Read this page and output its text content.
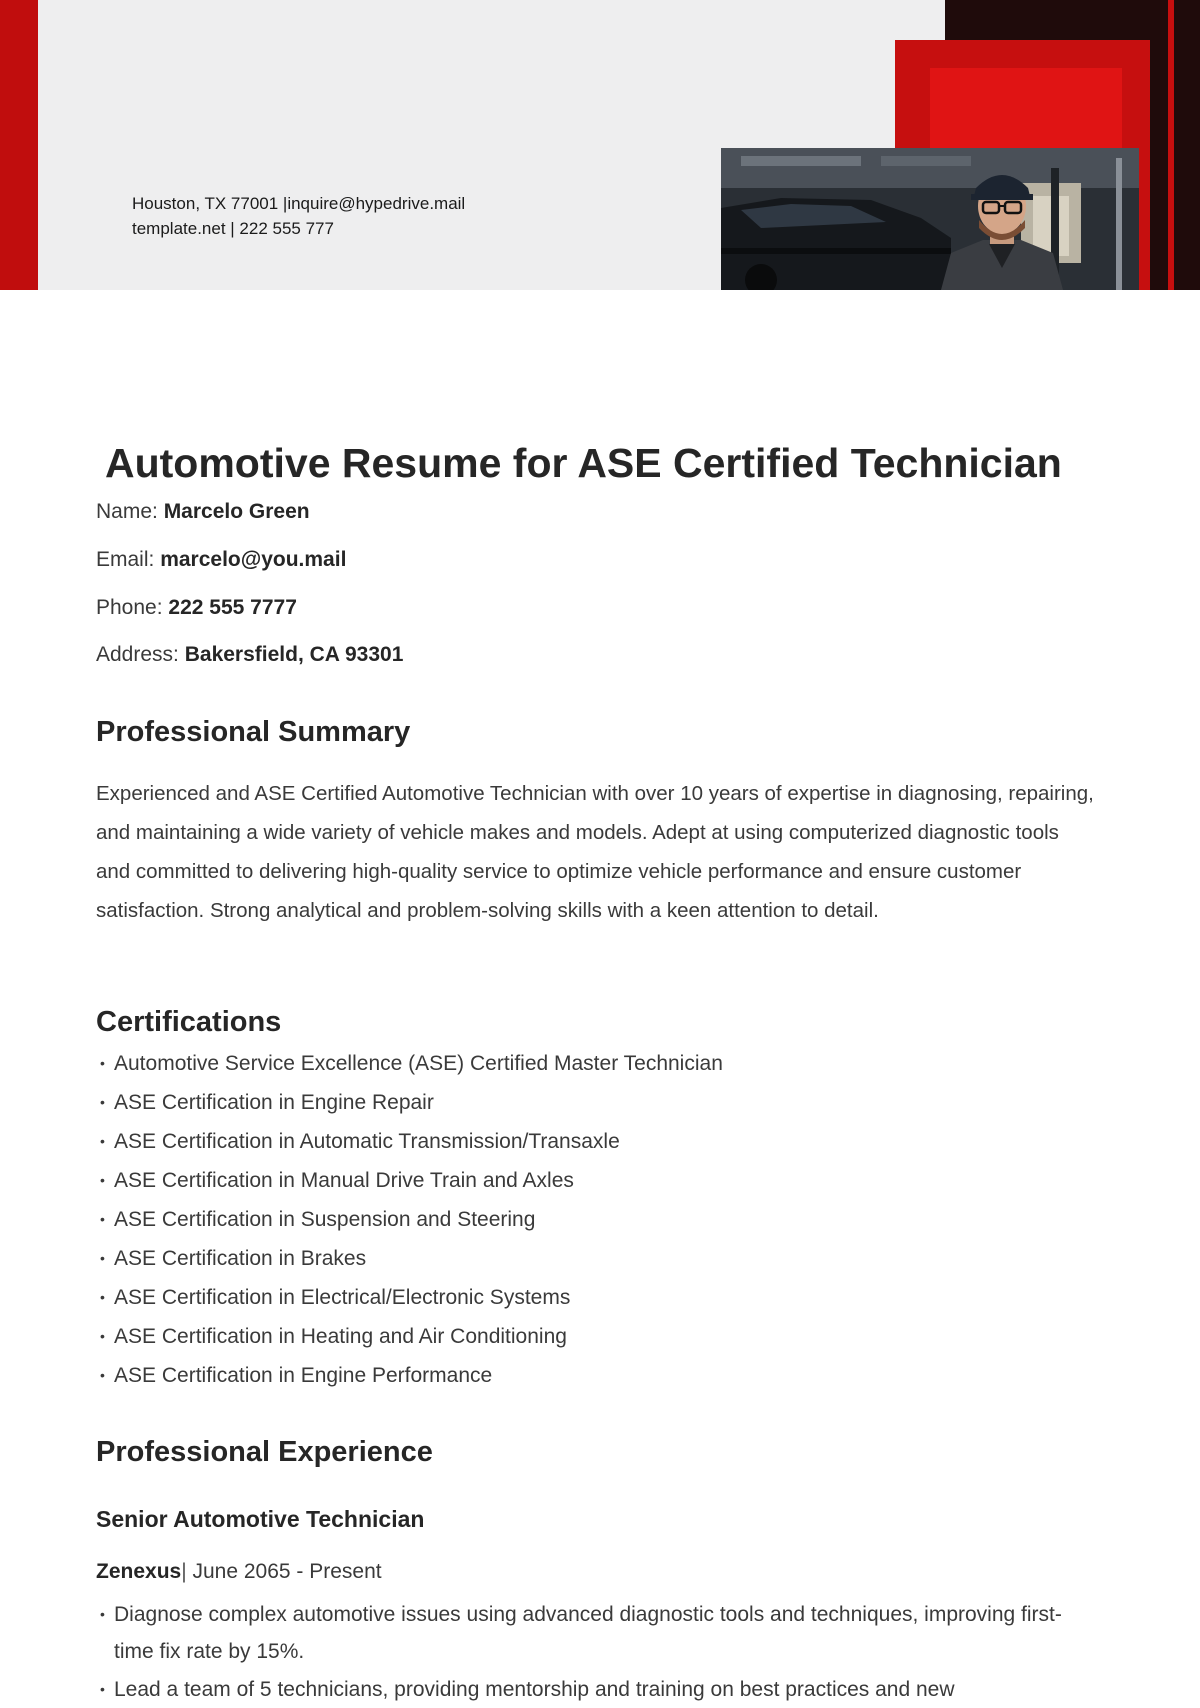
Houston, TX 77001 |inquire@hypedrive.mail
template.net | 222 555 777
Automotive Resume for ASE Certified Technician
Name: Marcelo Green
Email: marcelo@you.mail
Phone: 222 555 7777
Address: Bakersfield, CA 93301
Professional Summary

Experienced and ASE Certified Automotive Technician with over 10 years of expertise in diagnosing, repairing, and maintaining a wide variety of vehicle makes and models. Adept at using computerized diagnostic tools and committed to delivering high-quality service to optimize vehicle performance and ensure customer satisfaction. Strong analytical and problem-solving skills with a keen attention to detail.

Certifications
• Automotive Service Excellence (ASE) Certified Master Technician
• ASE Certification in Engine Repair
• ASE Certification in Automatic Transmission/Transaxle
• ASE Certification in Manual Drive Train and Axles
• ASE Certification in Suspension and Steering
• ASE Certification in Brakes
• ASE Certification in Electrical/Electronic Systems
• ASE Certification in Heating and Air Conditioning
• ASE Certification in Engine Performance
Professional Experience
Senior Automotive Technician
Zenexus| June 2065 - Present
• Diagnose complex automotive issues using advanced diagnostic tools and techniques, improving first-time fix rate by 15%.
• Lead a team of 5 technicians, providing mentorship and training on best practices and new
